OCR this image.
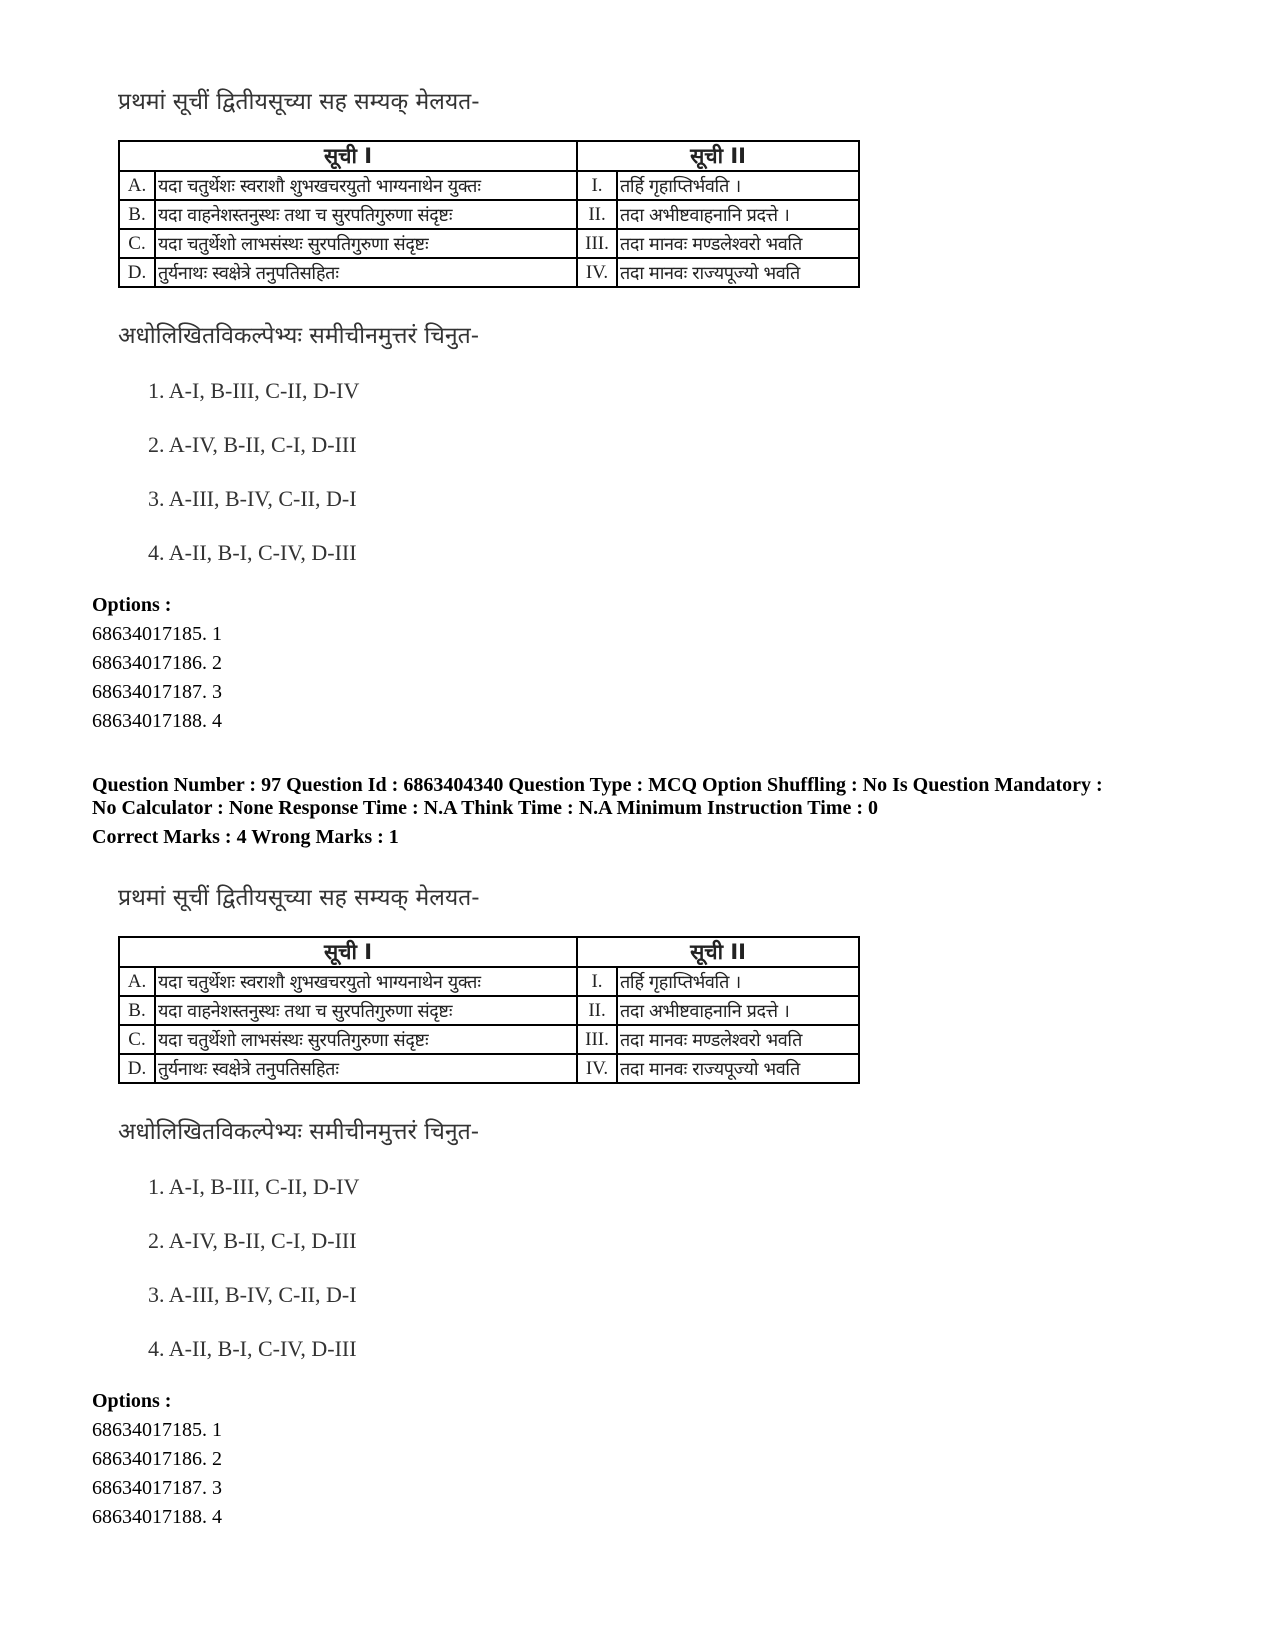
प्रथमां सूचीं द्वितीयसूच्या सह सम्यक् मेलयत-
सूची I		सूची II	
A.	यदा चतुर्थेशः स्वराशौ शुभखचरयुतो भाग्यनाथेन युक्तः	I.	तर्हि गृहाप्तिर्भवति ।
B.	यदा वाहनेशस्तनुस्थः तथा च सुरपतिगुरुणा संदृष्टः	II.	तदा अभीष्टवाहनानि प्रदत्ते ।
C.	यदा चतुर्थेशो लाभसंस्थः सुरपतिगुरुणा संदृष्टः	III.	तदा मानवः मण्डलेश्वरो भवति
D.	तुर्यनाथः स्वक्षेत्रे तनुपतिसहितः	IV.	तदा मानवः राज्यपूज्यो भवति
अधोलिखितविकल्पेभ्यः समीचीनमुत्तरं चिनुत-
1. A-I, B-III, C-II, D-IV
2. A-IV, B-II, C-I, D-III
3. A-III, B-IV, C-II, D-I
4. A-II, B-I, C-IV, D-III
Options :
68634017185. 1
68634017186. 2
68634017187. 3
68634017188. 4
Question Number : 97 Question Id : 6863404340 Question Type : MCQ Option Shuffling : No Is Question Mandatory :
No Calculator : None Response Time : N.A Think Time : N.A Minimum Instruction Time : 0
Correct Marks : 4 Wrong Marks : 1
प्रथमां सूचीं द्वितीयसूच्या सह सम्यक् मेलयत-
सूची I		सूची II	
A.	यदा चतुर्थेशः स्वराशौ शुभखचरयुतो भाग्यनाथेन युक्तः	I.	तर्हि गृहाप्तिर्भवति ।
B.	यदा वाहनेशस्तनुस्थः तथा च सुरपतिगुरुणा संदृष्टः	II.	तदा अभीष्टवाहनानि प्रदत्ते ।
C.	यदा चतुर्थेशो लाभसंस्थः सुरपतिगुरुणा संदृष्टः	III.	तदा मानवः मण्डलेश्वरो भवति
D.	तुर्यनाथः स्वक्षेत्रे तनुपतिसहितः	IV.	तदा मानवः राज्यपूज्यो भवति
अधोलिखितविकल्पेभ्यः समीचीनमुत्तरं चिनुत-
1. A-I, B-III, C-II, D-IV
2. A-IV, B-II, C-I, D-III
3. A-III, B-IV, C-II, D-I
4. A-II, B-I, C-IV, D-III
Options :
68634017185. 1
68634017186. 2
68634017187. 3
68634017188. 4
